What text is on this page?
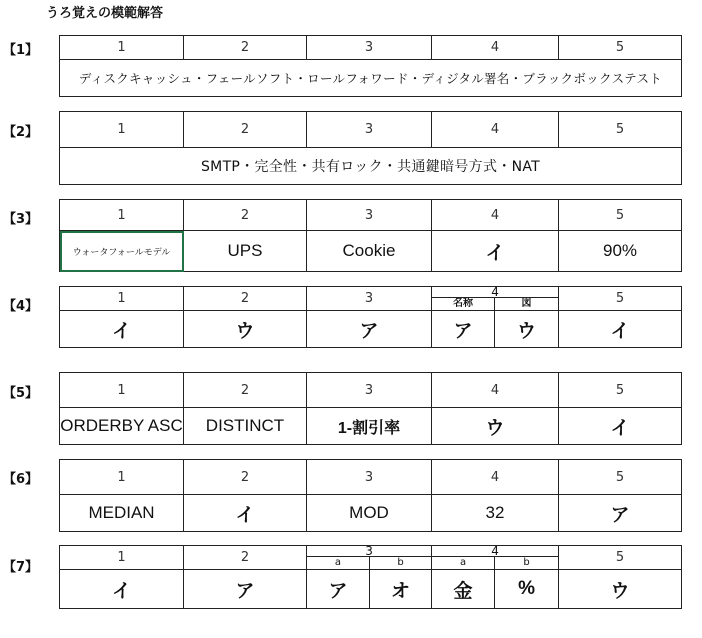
うろ覚えの模範解答
【1】	1	2	3	4	5
ディスクキャッシュ・フェールソフト・ロールフォワード・ディジタル署名・ブラックボックステスト
【2】	1	2	3	4	5
SMTP・完全性・共有ロック・共通鍵暗号方式・NAT
【3】	1	2	3	4	5
ウォータフォールモデル	UPS	Cookie	イ	90%
【4】
1	2	3	4		5
			名称	図	
イ	ウ	ア	ア	ウ	イ
【5】	1	2	3	4	5
ORDERBY ASC	DISTINCT	1-割引率	ウ	イ
【6】	1	2	3	4	5
MEDIAN	イ	MOD	32	ア
【7】
1	2	3		4		5
		a	b	a	b	
イ	ア	ア	オ	金	%	ウ
